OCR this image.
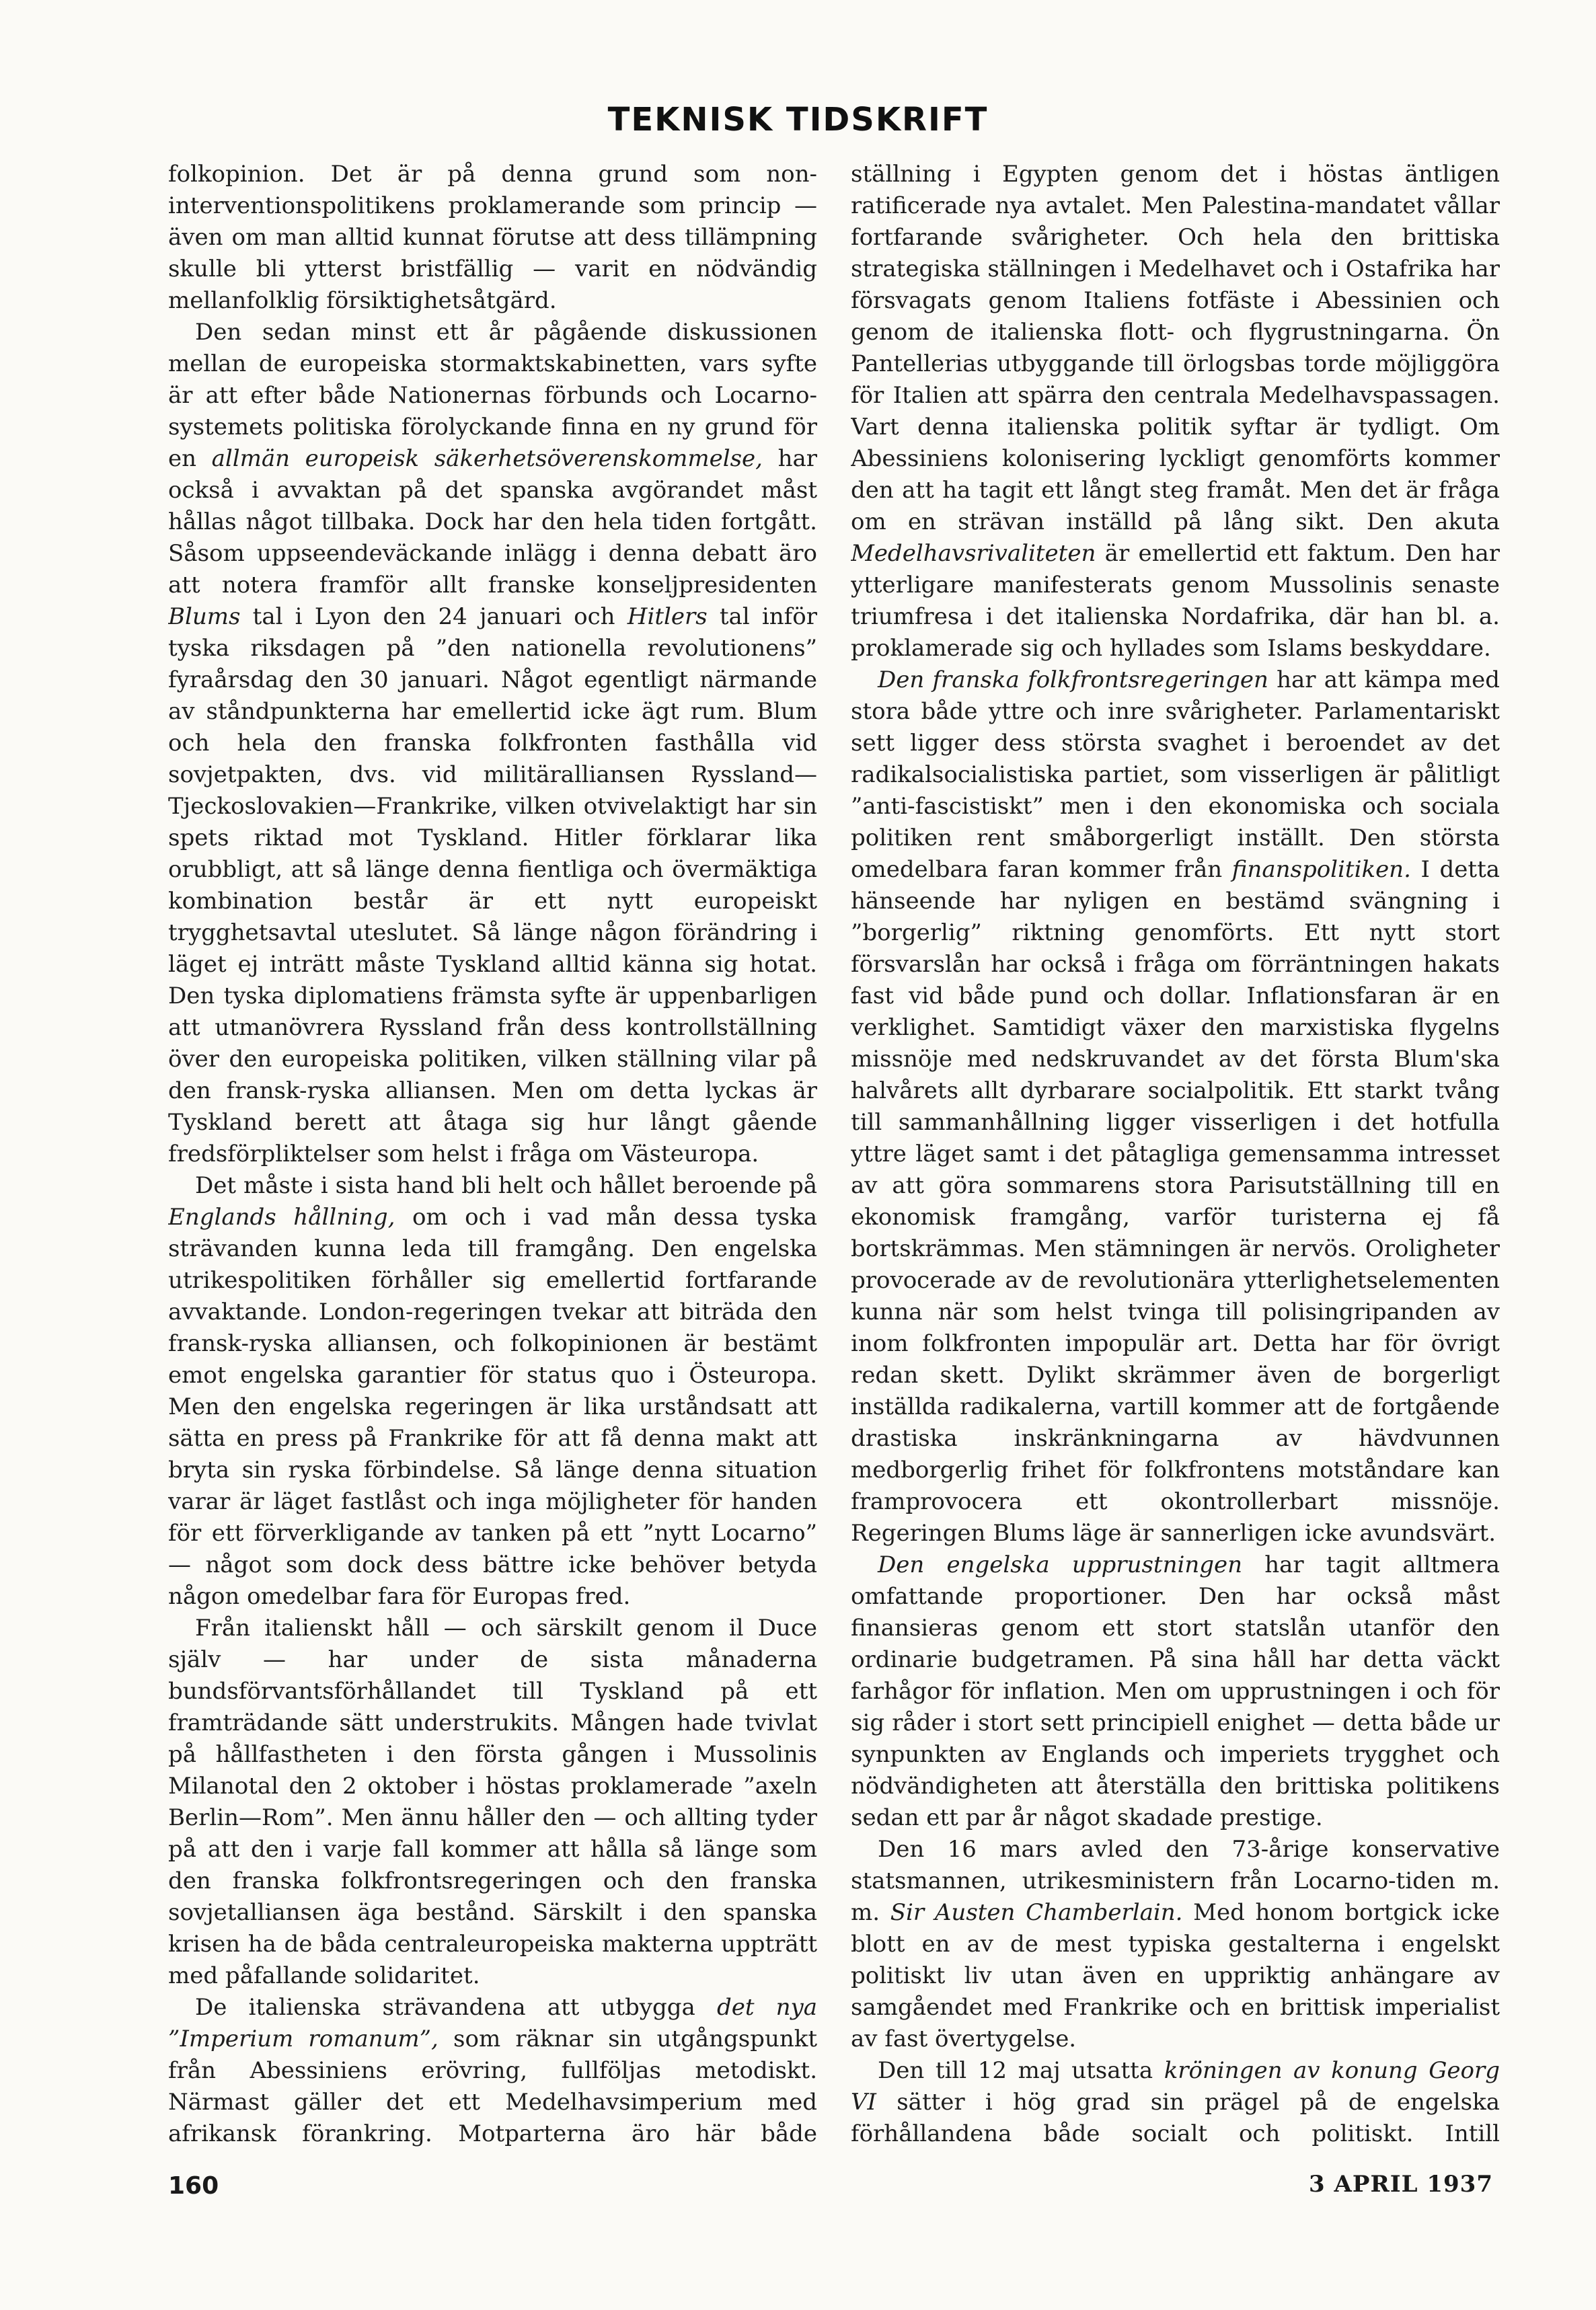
TEKNISK TIDSKRIFT

folkopinion. Det är på denna grund som non-interventionspolitikens proklamerande som princip — även om man alltid kunnat förutse att dess tillämpning skulle bli ytterst bristfällig — varit en nödvändig mellanfolklig försiktighetsåtgärd.

Den sedan minst ett år pågående diskussionen mellan de europeiska stormaktskabinetten, vars syfte är att efter både Nationernas förbunds och Locarno-systemets politiska förolyckande finna en ny grund för en allmän europeisk säkerhetsöverenskommelse, har också i avvaktan på det spanska avgörandet måst hållas något tillbaka. Dock har den hela tiden fortgått. Såsom uppseendeväckande inlägg i denna debatt äro att notera framför allt franske konseljpresidenten Blums tal i Lyon den 24 januari och Hitlers tal inför tyska riksdagen på ”den nationella revolutionens” fyraårsdag den 30 januari. Något egentligt närmande av ståndpunkterna har emellertid icke ägt rum. Blum och hela den franska folkfronten fasthålla vid sovjetpakten, dvs. vid militäralliansen Ryssland—Tjeckoslovakien—Frankrike, vilken otvivelaktigt har sin spets riktad mot Tyskland. Hitler förklarar lika orubbligt, att så länge denna fientliga och övermäktiga kombination består är ett nytt europeiskt trygghetsavtal uteslutet. Så länge någon förändring i läget ej inträtt måste Tyskland alltid känna sig hotat. Den tyska diplomatiens främsta syfte är uppenbarligen att utmanövrera Ryssland från dess kontrollställning över den europeiska politiken, vilken ställning vilar på den fransk-ryska alliansen. Men om detta lyckas är Tyskland berett att åtaga sig hur långt gående fredsförpliktelser som helst i fråga om Västeuropa.

Det måste i sista hand bli helt och hållet beroende på Englands hållning, om och i vad mån dessa tyska strävanden kunna leda till framgång. Den engelska utrikespolitiken förhåller sig emellertid fortfarande avvaktande. London-regeringen tvekar att biträda den fransk-ryska alliansen, och folkopinionen är bestämt emot engelska garantier för status quo i Östeuropa. Men den engelska regeringen är lika urståndsatt att sätta en press på Frankrike för att få denna makt att bryta sin ryska förbindelse. Så länge denna situation varar är läget fastlåst och inga möjligheter för handen för ett förverkligande av tanken på ett ”nytt Locarno” — något som dock dess bättre icke behöver betyda någon omedelbar fara för Europas fred.

Från italienskt håll — och särskilt genom il Duce själv — har under de sista månaderna bundsförvantsförhållandet till Tyskland på ett framträdande sätt understrukits. Mången hade tvivlat på hållfastheten i den första gången i Mussolinis Milanotal den 2 oktober i höstas proklamerade ”axeln Berlin—Rom”. Men ännu håller den — och allting tyder på att den i varje fall kommer att hålla så länge som den franska folkfrontsregeringen och den franska sovjetalliansen äga bestånd. Särskilt i den spanska krisen ha de båda centraleuropeiska makterna uppträtt med påfallande solidaritet.

De italienska strävandena att utbygga det nya ”Imperium romanum”, som räknar sin utgångspunkt från Abessiniens erövring, fullföljas metodiskt. Närmast gäller det ett Medelhavsimperium med afrikansk förankring. Motparterna äro här både

ställning i Egypten genom det i höstas äntligen ratificerade nya avtalet. Men Palestina-mandatet vållar fortfarande svårigheter. Och hela den brittiska strategiska ställningen i Medelhavet och i Ostafrika har försvagats genom Italiens fotfäste i Abessinien och genom de italienska flott- och flygrustningarna. Ön Pantellerias utbyggande till örlogsbas torde möjliggöra för Italien att spärra den centrala Medelhavspassagen. Vart denna italienska politik syftar är tydligt. Om Abessiniens kolonisering lyckligt genomförts kommer den att ha tagit ett långt steg framåt. Men det är fråga om en strävan inställd på lång sikt. Den akuta Medelhavsrivaliteten är emellertid ett faktum. Den har ytterligare manifesterats genom Mussolinis senaste triumfresa i det italienska Nordafrika, där han bl. a. proklamerade sig och hyllades som Islams beskyddare.

Den franska folkfrontsregeringen har att kämpa med stora både yttre och inre svårigheter. Parlamentariskt sett ligger dess största svaghet i beroendet av det radikalsocialistiska partiet, som visserligen är pålitligt ”anti-fascistiskt” men i den ekonomiska och sociala politiken rent småborgerligt inställt. Den största omedelbara faran kommer från finanspolitiken. I detta hänseende har nyligen en bestämd svängning i ”borgerlig” riktning genomförts. Ett nytt stort försvarslån har också i fråga om förräntningen hakats fast vid både pund och dollar. Inflationsfaran är en verklighet. Samtidigt växer den marxistiska flygelns missnöje med nedskruvandet av det första Blum'ska halvårets allt dyrbarare socialpolitik. Ett starkt tvång till sammanhållning ligger visserligen i det hotfulla yttre läget samt i det påtagliga gemensamma intresset av att göra sommarens stora Parisutställning till en ekonomisk framgång, varför turisterna ej få bortskrämmas. Men stämningen är nervös. Oroligheter provocerade av de revolutionära ytterlighetselementen kunna när som helst tvinga till polisingripanden av inom folkfronten impopulär art. Detta har för övrigt redan skett. Dylikt skrämmer även de borgerligt inställda radikalerna, vartill kommer att de fortgående drastiska inskränkningarna av hävdvunnen medborgerlig frihet för folkfrontens motståndare kan framprovocera ett okontrollerbart missnöje. Regeringen Blums läge är sannerligen icke avundsvärt.

Den engelska upprustningen har tagit alltmera omfattande proportioner. Den har också måst finansieras genom ett stort statslån utanför den ordinarie budgetramen. På sina håll har detta väckt farhågor för inflation. Men om upprustningen i och för sig råder i stort sett principiell enighet — detta både ur synpunkten av Englands och imperiets trygghet och nödvändigheten att återställa den brittiska politikens sedan ett par år något skadade prestige.

Den 16 mars avled den 73-årige konservative statsmannen, utrikesministern från Locarno-tiden m. m. Sir Austen Chamberlain. Med honom bortgick icke blott en av de mest typiska gestalterna i engelskt politiskt liv utan även en uppriktig anhängare av samgåendet med Frankrike och en brittisk imperialist av fast övertygelse.

Den till 12 maj utsatta kröningen av konung Georg VI sätter i hög grad sin prägel på de engelska förhållandena både socialt och politiskt. Intill

160	3 APRIL 1937
